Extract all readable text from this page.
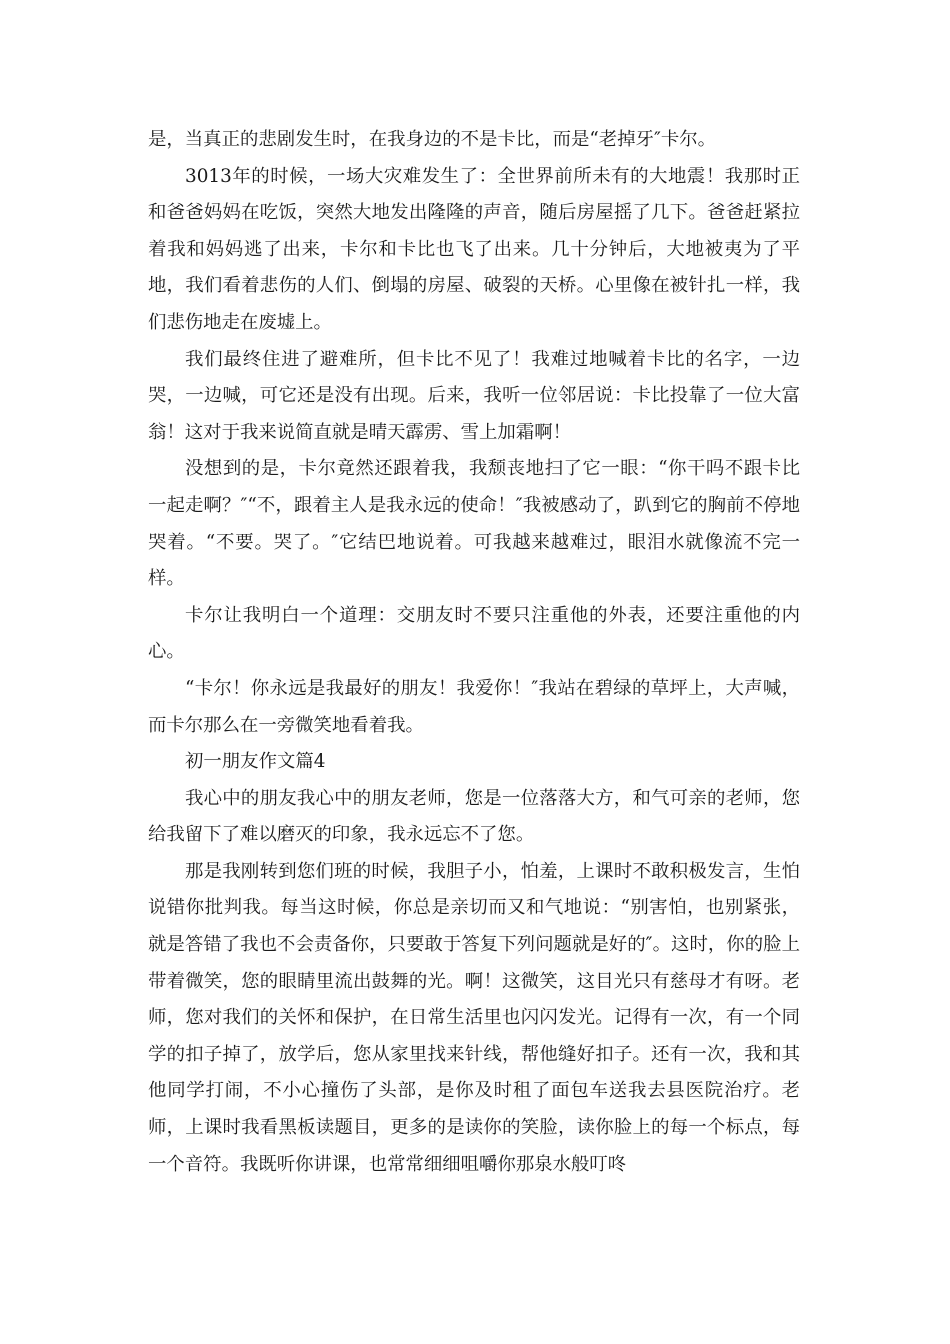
是，当真正的悲剧发生时，在我身边的不是卡比，而是“老掉牙″卡尔。

3013年的时候，一场大灾难发生了：全世界前所未有的大地震！我那时正和爸爸妈妈在吃饭，突然大地发出隆隆的声音，随后房屋摇了几下。爸爸赶紧拉着我和妈妈逃了出来，卡尔和卡比也飞了出来。几十分钟后，大地被夷为了平地，我们看着悲伤的人们、倒塌的房屋、破裂的天桥。心里像在被针扎一样，我们悲伤地走在废墟上。

我们最终住进了避难所，但卡比不见了！我难过地喊着卡比的名字，一边哭，一边喊，可它还是没有出现。后来，我听一位邻居说：卡比投靠了一位大富翁！这对于我来说简直就是晴天霹雳、雪上加霜啊！

没想到的是，卡尔竟然还跟着我，我颓丧地扫了它一眼：“你干吗不跟卡比一起走啊？″“不，跟着主人是我永远的使命！″我被感动了，趴到它的胸前不停地哭着。“不要。哭了。″它结巴地说着。可我越来越难过，眼泪水就像流不完一样。

卡尔让我明白一个道理：交朋友时不要只注重他的外表，还要注重他的内心。

“卡尔！你永远是我最好的朋友！我爱你！″我站在碧绿的草坪上，大声喊，而卡尔那么在一旁微笑地看着我。

初一朋友作文篇4

我心中的朋友我心中的朋友老师，您是一位落落大方，和气可亲的老师，您给我留下了难以磨灭的印象，我永远忘不了您。

那是我刚转到您们班的时候，我胆子小，怕羞，上课时不敢积极发言，生怕说错你批判我。每当这时候，你总是亲切而又和气地说：“别害怕，也别紧张，就是答错了我也不会责备你，只要敢于答复下列问题就是好的″。这时，你的脸上带着微笑，您的眼睛里流出鼓舞的光。啊！这微笑，这目光只有慈母才有呀。老师，您对我们的关怀和保护，在日常生活里也闪闪发光。记得有一次，有一个同学的扣子掉了，放学后，您从家里找来针线，帮他缝好扣子。还有一次，我和其他同学打闹，不小心撞伤了头部，是你及时租了面包车送我去县医院治疗。老师，上课时我看黑板读题目，更多的是读你的笑脸，读你脸上的每一个标点，每一个音符。我既听你讲课，也常常细细咀嚼你那泉水般叮咚
